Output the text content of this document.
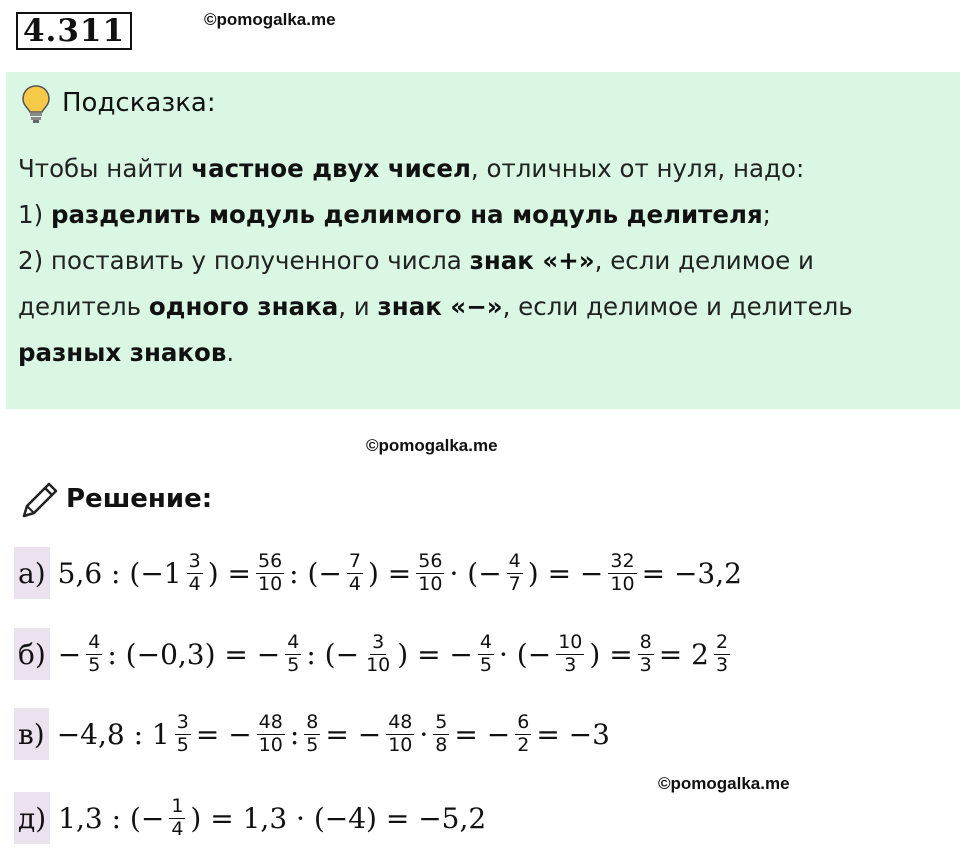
4.311	©pomogalka.me
Подсказка:
Чтобы найти частное двух чисел, отличных от нуля, надо:
1) разделить модуль делимого на модуль делителя;
2) поставить у полученного числа знак «+», если делимое и
делитель одного знака, и знак «−», если делимое и делитель
разных знаков.
©pomogalka.me
Решение:
а) 5,6 : ($-1 \frac{3}{4}$ ) = $\frac{56}{10}$ : (− $\frac{7}{4}$ ) = $\frac{56}{10}$ · (− $\frac{4}{7}$ ) = − $\frac{32}{10} = -3,2$
$б) - \frac{4}{5}$ : (−0,3) = − $\frac{4}{5}$ : (− $\frac{3}{10}$ ) = − $\frac{4}{5}$ · (− $\frac{10}{3}$ ) = $\frac{8}{3} = 2 \frac{2}{3}$
в) −4,8 : $1 \frac{3}{5}$ = − $\frac{48}{10}$ : $\frac{8}{5}$ = − $\frac{48}{10} \cdot \frac{5}{8}$ = − $\frac{6}{2} = -3$
©pomogalka.me
д) 1,3 : (− $\frac{1}{4}$ ) = 1,3 · (−4) = −5,2
